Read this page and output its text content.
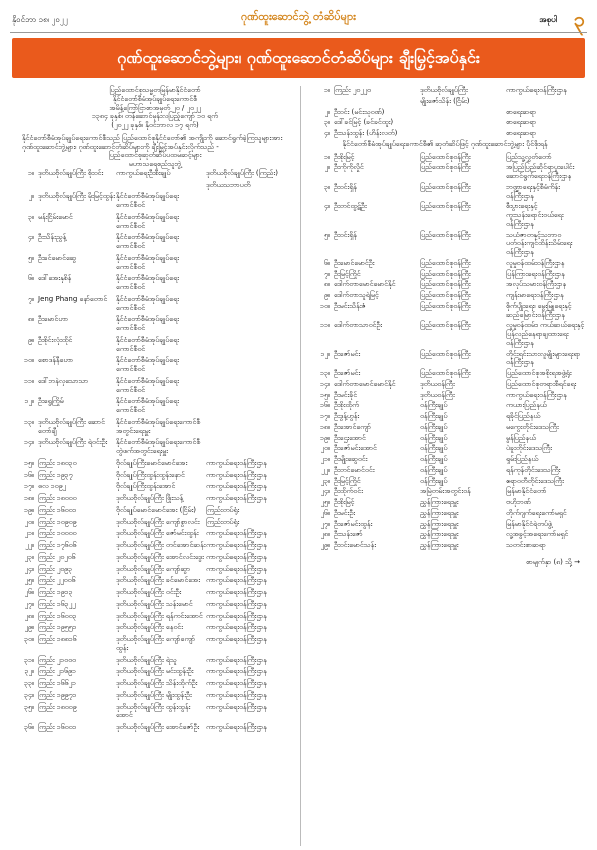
နိုဝင်ဘာ ၁၈၊ ၂၀၂၂	ဂုဏ်ထူးဆောင်ဘွဲ့ တံဆိပ်များ	အစုပါ ၃
ဂုဏ်ထူးဆောင်ဘွဲ့များ၊ ဂုဏ်ထူးဆောင်တံဆိပ်များ ချီးမြှင့်အပ်နှင်း
ပြည်ထောင်စုသမ္မတမြန်မာနိုင်ငံတော်
နိုင်ငံတော်စီမံအုပ်ချုပ်ရေးကောင်စီ
အမိန့်ကြော်ငြာစာအမှတ် ၂၀ / ၂၀၂၂
၁၃၈၄ ခုနှစ်၊ တန်ဆောင်မုန်းလပြည့်ကျော် ၁၀ ရက်
(၂၀၂၂ ခုနှစ်၊ နိုဝင်ဘာလ ၁၇ ရက်)
နိုင်ငံတော်စီမံအုပ်ချုပ်ရေးကောင်စီသည် ပြည်ထောင်စုနိုင်ငံတော်၏ အကျိုးကို ဆောင်ရွက်ခဲ့ကြသူများအား ဂုဏ်ထူးဆောင်ဘွဲ့များ၊ ဂုဏ်ထူးဆောင်တံဆိပ်များကို ချီးမြှင့်အပ်နှင်းလိုက်သည် -
ပြည်ထောင်စုဆုတံဆိပ်ပထမဆင့်များ
မဟာသရေစည်သူဘွဲ့
၁။ ဒုတိယဗိုလ်ချုပ်ကြီး စိုးဝင်း	ကာကွယ်ရေးဦးစီးချုပ်	ဒုတိယဗိုလ်ချုပ်ကြီး (ကြည်း)
ဒုတိယသဘာပတိ
၂။ ဒုတိယဗိုလ်ချုပ်ကြီး မိုးမြင့်ထွန်း နိုင်ငံတော်စီမံအုပ်ချုပ်ရေးကောင်စီဝင်
၃။ မန်းငြိမ်းမောင်	နိုင်ငံတော်စီမံအုပ်ချုပ်ရေးကောင်စီဝင်
၄။ ဦးသိန်းညွန့်	နိုင်ငံတော်စီမံအုပ်ချုပ်ရေးကောင်စီဝင်
၅။ ဦးခင်မောင်ဆွေ	နိုင်ငံတော်စီမံအုပ်ချုပ်ရေးကောင်စီဝင်
၆။ ဒေါ်အေးနုစိန်	နိုင်ငံတော်စီမံအုပ်ချုပ်ရေးကောင်စီဝင်
၇။ Jeng Phang နော်တောင်	နိုင်ငံတော်စီမံအုပ်ချုပ်ရေးကောင်စီဝင်
၈။ ဦးမောင်ဟာ	နိုင်ငံတော်စီမံအုပ်ချုပ်ရေးကောင်စီဝင်
၉။ ဦးစိုင်းလုံးထိုင်	နိုင်ငံတော်စီမံအုပ်ချုပ်ရေးကောင်စီဝင်
၁၀။ စောဒန်နီဟော	နိုင်ငံတော်စီမံအုပ်ချုပ်ရေးကောင်စီဝင်
၁၁။ ဒေါ်ဘနဲလှသောသာ	နိုင်ငံတော်စီမံအုပ်ချုပ်ရေးကောင်စီဝင်
၁၂။ ဦးရွေကြိုမ်	နိုင်ငံတော်စီမံအုပ်ချုပ်ရေးကောင်စီဝင်
၁၃။ ဒုတိယဗိုလ်ချုပ်ကြီး ဆောင်တော်ချီ
နိုင်ငံတော်စီမံအုပ်ချုပ်ရေးကောင်စီ အတွင်းရေးမှူး
၁၄။ ဒုတိယဗိုလ်ချုပ်ကြီး ရဲဝင်းဦး	နိုင်ငံတော်စီမံအုပ်ချုပ်ရေးကောင်စီ တွဲဖက်အတွင်းရေးမှူး
၁၅။ ကြည်း ၁၈၀၃၀	ဗိုလ်ချုပ်ကြီးမောင်မောင်အေး	ကာကွယ်ရေးဝန်ကြီးဌာန
၁၆။ ကြည်း ၁၉၃၇	ဗိုလ်ချုပ်ကြီးထွန်းထွန်းနောင်	ကာကွယ်ရေးဝန်ကြီးဌာန
၁၇။ ဓလ ၁၀၉၂	ဗိုလ်ချုပ်ကြီးထွန်းအောင်	ကာကွယ်ရေးဝန်ကြီးဌာန
၁၈။ ကြည်း ၁၈၀၀၀	ဒုတိယဗိုလ်ချုပ်ကြီး ဖြိုးသန့်	ကာကွယ်ရေးဝန်ကြီးဌာန
၁၉။ ကြည်း ၁၆၀၀၁	ဗိုလ်ချုပ်မောင်မောင်အေး (ငြိမ်း)	ကြည်းတပ်ရုံး
၂၀။ ကြည်း ၁၀၉၀၉	ဒုတိယဗိုလ်ချုပ်ကြီး ကျော်စွာလင်း ကြည်းတပ်ရုံး
၂၁။ ကြည်း ၁၀၀၀၀	ဒုတိယဗိုလ်ချုပ်ကြီး ဇော်မင်းထွန်း	ကာကွယ်ရေးဝန်ကြီးဌာန
၂၂။ ကြည်း ၁၇၆၀၆	ဒုတိယဗိုလ်ချုပ်ကြီး တင်အောင်ဆန်း ကာကွယ်ရေးဝန်ကြီးဌာန
၂၃။ ကြည်း ၂၀၂၀၆	ဒုတိယဗိုလ်ချုပ်ကြီး အောင်လင်းဒွေး ကာကွယ်ရေးဝန်ကြီးဌာန
၂၄။ ကြည်း ၂၀၉၃	ဒုတိယဗိုလ်ချုပ်ကြီး ကျော်ဆွာ	ကာကွယ်ရေးဝန်ကြီးဌာန
၂၅။ ကြည်း ၂၂၀၀၆	ဒုတိယဗိုလ်ချုပ်ကြီး ခင်မောင်အေး ကာကွယ်ရေးဝန်ကြီးဌာန
၂၆။ ကြည်း ၁၉၁၃	ဒုတိယဗိုလ်ချုပ်ကြီး ဝင်းဦး	ကာကွယ်ရေးဝန်ကြီးဌာန
၂၇။ ကြည်း ၁၆၃၂၂	ဒုတိယဗိုလ်ချုပ်ကြီး သန်းမောင်	ကာကွယ်ရေးဝန်ကြီးဌာန
၂၈။ ကြည်း ၁၆၀၀၃	ဒုတိယဗိုလ်ချုပ်ကြီး ရန်ကင်းအောင် ကာကွယ်ရေးဝန်ကြီးဌာန
၂၉။ ကြည်း ၁၉၅၅၁	ဒုတိယဗိုလ်ချုပ်ကြီး နေဝင်း	ကာကွယ်ရေးဝန်ကြီးဌာန
၃၀။ ကြည်း ၁၈၈၁၆	ဒုတိယဗိုလ်ချုပ်ကြီး ကျော်ကျော်ထွန်း
ကာကွယ်ရေးဝန်ကြီးဌာန
၃၁။ ကြည်း ၂၁၀၀၀	ဒုတိယဗိုလ်ချုပ်ကြီး ရဲသူ	ကာကွယ်ရေးဝန်ကြီးဌာန
၃၂။ ကြည်း ၂၁၆၉၁	ဒုတိယဗိုလ်ချုပ်ကြီး မင်းထွန်းဦး	ကာကွယ်ရေးဝန်ကြီးဌာန
၃၃။ ကြည်း ၁၆၆၂၁	ဒုတိယဗိုလ်ချုပ်ကြီး သိန်းထိုက်ဦး	ကာကွယ်ရေးဝန်ကြီးဌာန
၃၄။ ကြည်း ၁၉၉၇၁	ဒုတိယဗိုလ်ချုပ်ကြီး မျိုးထွန်းဦး	ကာကွယ်ရေးဝန်ကြီးဌာန
၃၅။ ကြည်း ၁၈၀၀၉	ဒုတိယဗိုလ်ချုပ်ကြီး ထွန်းထွန်းအောင်
ကာကွယ်ရေးဝန်ကြီးဌာန
၃၆။ ကြည်း ၁၆၀၀၁	ဒုတိယဗိုလ်ချုပ်ကြီး အောင်ဇော်ဦး ကာကွယ်ရေးဝန်ကြီးဌာန
၁။ ကြည်း ၂၀၂၂၀	ဒုတိယဗိုလ်ချုပ်ကြီး	ကာကွယ်ရေးဝန်ကြီးဌာန
မျိုးဇော်သိန်း (ငြိမ်း)
၂။ ဦးဝင်း (မင်းသုဝဏ်)	စာရေးဆရာ
၃။ ဒေါ်ခင်မြင့် (ခင်ခင်ထူး)	စာရေးဆရာ
၄။ ဦးသန်းထွန်း (ဟိန်းလတ်)	စာရေးဆရာ
နိုင်ငံတော်စီမံအုပ်ချုပ်ရေးကောင်စီ၏ ဆုတံဆိပ်ဖြင့် ဂုဏ်ထူးဆောင်ဘွဲ့များ ပိုင်စိုးရန်
၁။ ဦးစိုးမြင့်	ပြည်ထောင်စုဝန်ကြီး	ပြည်သူ့လွှတ်တော်
၂။ ဦးကိုကိုလှိုင်	ပြည်ထောင်စုဝန်ကြီး	အပြည်ပြည်ဆိုင်ရာပူးပေါင်းဆောင်ရွက်ရေးဝန်ကြီးဌာန
၃။ ဦးဝင်းရှိန်	ပြည်ထောင်စုဝန်ကြီး	ဘဏ္ဍာရေးနှင့်စီမံကိန်းဝန်ကြီးဌာန
၄။ ဦးတင်ထွဋ်ဦး	ပြည်ထောင်စုဝန်ကြီး	စီးပွားရေးနှင့်ကူးသန်းရောင်းဝယ်ရေးဝန်ကြီးဌာန
၅။ ဦးဝင်းရှိန်	ပြည်ထောင်စုဝန်ကြီး	သယံဇာတနှင့်သဘာဝပတ်ဝန်းကျင်ထိန်းသိမ်းရေးဝန်ကြီးဌာန
၆။ ဦးမောင်မောင်ဦး	ပြည်ထောင်စုဝန်ကြီး	လူမှုဝန်ထမ်းဝန်ကြီးဌာန
၇။ ဦးမြင့်ကြိုင်	ပြည်ထောင်စုဝန်ကြီး	ပြန်ကြားရေးဝန်ကြီးဌာန
၈။ ဒေါက်တာမောင်မောင်နိုင်	ပြည်ထောင်စုဝန်ကြီး	အလုပ်သမားဝန်ကြီးဌာန
၉။ ဒေါက်တာသူရဲမြင့်	ပြည်ထောင်စုဝန်ကြီး	ကျန်းမာရေးဝန်ကြီးဌာန
၁၀။ ဦးမင်းသိန်းဇံ	ပြည်ထောင်စုဝန်ကြီး	စိုက်ပျိုးရေး၊ မွေးမြူရေးနှင့်ဆည်မြောင်းဝန်ကြီးဌာန
၁၁။ ဒေါက်တာသာဝင်ဦး	ပြည်ထောင်စုဝန်ကြီး	လူမှုဝန်ထမ်း၊ ကယ်ဆယ်ရေးနှင့်ပြန်လည်နေရာချထားရေးဝန်ကြီးဌာန
၁၂။ ဦးဇော်မင်း	ပြည်ထောင်စုဝန်ကြီး	တိုင်းရင်းသားလူမျိုးများရေးရာဝန်ကြီးဌာန
၁၃။ ဦးဇော်မင်း	ပြည်ထောင်စုဝန်ကြီး	ပြည်ထောင်စုအစိုးရအဖွဲ့ရုံး
၁၄။ ဒေါက်တာမောင်မောင်နိုင်	ဒုတိယဝန်ကြီး	ပြည်ထောင်စုတရားစီရင်ရေး
၁၅။ ဦးမင်းခိုင်	ဒုတိယဝန်ကြီး	ကာကွယ်ရေးဝန်ကြီးဌာန
၁၆။ ဦးစိုးထိုက်	ဝန်ကြီးချုပ်	ကယားပြည်နယ်
၁၇။ ဦးဒွန့်ဟွန်း	ဝန်ကြီးချုပ်	ရခိုင်ပြည်နယ်
၁၈။ ဦးအောင်ကျော်	ဝန်ကြီးချုပ်	မကွေးတိုင်းဒေသကြီး
၁၉။ ဦးဌေးအောင်	ဝန်ကြီးချုပ်	မွန်ပြည်နယ်
၂၀။ ဦးဇော်မင်းအောင်	ဝန်ကြီးချုပ်	ပဲခူးတိုင်းဒေသကြီး
၂၁။ ဦးမျိုးဆွေဝင်း	ဝန်ကြီးချုပ်	ရှမ်းပြည်နယ်
၂၂။ ဦးတင်မောင်ဝင်း	ဝန်ကြီးချုပ်	ရန်ကုန်တိုင်းဒေသကြီး
၂၃။ ဦးမြင့်ကြိုင်	ဝန်ကြီးချုပ်	ဧရာဝတီတိုင်းဒေသကြီး
၂၄။ ဦးထိုက်ဝင်း	အမြဲတမ်းအတွင်းဝန်	မြန်မာနိုင်ငံတော်
၂၅။ ဦးစိုးမြင့်	ညွှန်ကြားရေးမှူး	ဗဟိုဘဏ်
၂၆။ ဦးမင်းဦး	ညွှန်ကြားရေးမှူး	တိုက်ဂျက်ရေးကော်မရှင်
၂၇။ ဦးဇော်မင်းထွန်း	ညွှန်ကြားရေးမှူး	မြန်မာနိုင်ငံရဲတပ်ဖွဲ့
၂၈။ ဦးသန်းဇော်	ညွှန်ကြားရေးမှူး	လူ့အခွင့်အရေးကော်မရှင်
၂၉။ ဦးဝင်းမောင်သန်း	ညွှန်ကြားရေးမှူး	သတင်းစာဆရာ
စာမျက်နှာ (၈) သို့ →
